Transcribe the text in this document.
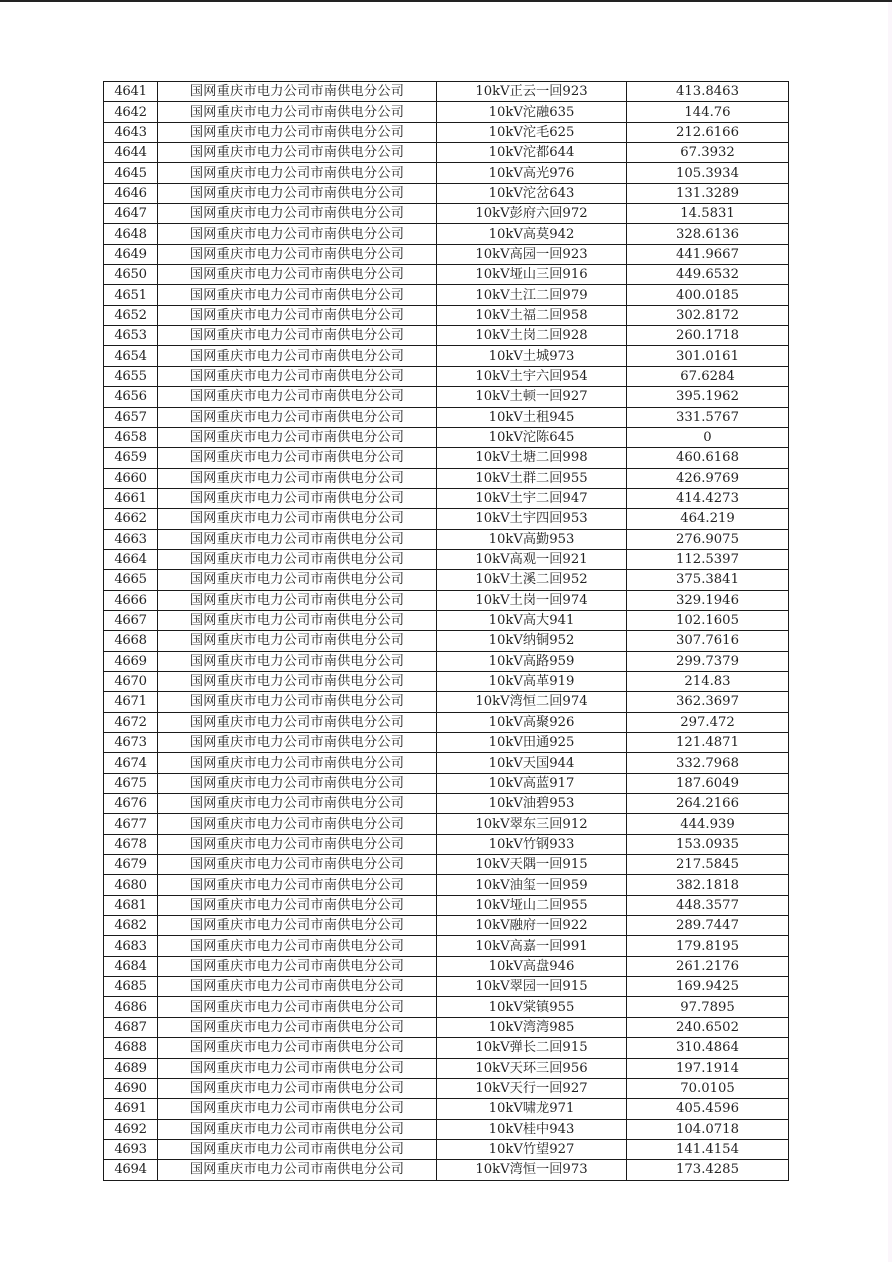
4641	国网重庆市电力公司市南供电分公司	10kV正云一回923	413.8463
4642	国网重庆市电力公司市南供电分公司	10kV沱融635	144.76
4643	国网重庆市电力公司市南供电分公司	10kV沱毛625	212.6166
4644	国网重庆市电力公司市南供电分公司	10kV沱都644	67.3932
4645	国网重庆市电力公司市南供电分公司	10kV高光976	105.3934
4646	国网重庆市电力公司市南供电分公司	10kV沱岔643	131.3289
4647	国网重庆市电力公司市南供电分公司	10kV彭府六回972	14.5831
4648	国网重庆市电力公司市南供电分公司	10kV高莫942	328.6136
4649	国网重庆市电力公司市南供电分公司	10kV高园一回923	441.9667
4650	国网重庆市电力公司市南供电分公司	10kV垭山三回916	449.6532
4651	国网重庆市电力公司市南供电分公司	10kV土江二回979	400.0185
4652	国网重庆市电力公司市南供电分公司	10kV土福二回958	302.8172
4653	国网重庆市电力公司市南供电分公司	10kV土岗二回928	260.1718
4654	国网重庆市电力公司市南供电分公司	10kV土城973	301.0161
4655	国网重庆市电力公司市南供电分公司	10kV土宇六回954	67.6284
4656	国网重庆市电力公司市南供电分公司	10kV土顿一回927	395.1962
4657	国网重庆市电力公司市南供电分公司	10kV土租945	331.5767
4658	国网重庆市电力公司市南供电分公司	10kV沱陈645	0
4659	国网重庆市电力公司市南供电分公司	10kV土塘二回998	460.6168
4660	国网重庆市电力公司市南供电分公司	10kV土群二回955	426.9769
4661	国网重庆市电力公司市南供电分公司	10kV土宇二回947	414.4273
4662	国网重庆市电力公司市南供电分公司	10kV土宇四回953	464.219
4663	国网重庆市电力公司市南供电分公司	10kV高勤953	276.9075
4664	国网重庆市电力公司市南供电分公司	10kV高观一回921	112.5397
4665	国网重庆市电力公司市南供电分公司	10kV土溪二回952	375.3841
4666	国网重庆市电力公司市南供电分公司	10kV土岗一回974	329.1946
4667	国网重庆市电力公司市南供电分公司	10kV高大941	102.1605
4668	国网重庆市电力公司市南供电分公司	10kV纳铜952	307.7616
4669	国网重庆市电力公司市南供电分公司	10kV高路959	299.7379
4670	国网重庆市电力公司市南供电分公司	10kV高革919	214.83
4671	国网重庆市电力公司市南供电分公司	10kV湾恒二回974	362.3697
4672	国网重庆市电力公司市南供电分公司	10kV高聚926	297.472
4673	国网重庆市电力公司市南供电分公司	10kV田通925	121.4871
4674	国网重庆市电力公司市南供电分公司	10kV天国944	332.7968
4675	国网重庆市电力公司市南供电分公司	10kV高蓝917	187.6049
4676	国网重庆市电力公司市南供电分公司	10kV油碧953	264.2166
4677	国网重庆市电力公司市南供电分公司	10kV翠东三回912	444.939
4678	国网重庆市电力公司市南供电分公司	10kV竹钢933	153.0935
4679	国网重庆市电力公司市南供电分公司	10kV天隅一回915	217.5845
4680	国网重庆市电力公司市南供电分公司	10kV油玺一回959	382.1818
4681	国网重庆市电力公司市南供电分公司	10kV垭山二回955	448.3577
4682	国网重庆市电力公司市南供电分公司	10kV融府一回922	289.7447
4683	国网重庆市电力公司市南供电分公司	10kV高嘉一回991	179.8195
4684	国网重庆市电力公司市南供电分公司	10kV高盘946	261.2176
4685	国网重庆市电力公司市南供电分公司	10kV翠园一回915	169.9425
4686	国网重庆市电力公司市南供电分公司	10kV棠镇955	97.7895
4687	国网重庆市电力公司市南供电分公司	10kV湾湾985	240.6502
4688	国网重庆市电力公司市南供电分公司	10kV弹长二回915	310.4864
4689	国网重庆市电力公司市南供电分公司	10kV天环三回956	197.1914
4690	国网重庆市电力公司市南供电分公司	10kV天行一回927	70.0105
4691	国网重庆市电力公司市南供电分公司	10kV啸龙971	405.4596
4692	国网重庆市电力公司市南供电分公司	10kV桂中943	104.0718
4693	国网重庆市电力公司市南供电分公司	10kV竹望927	141.4154
4694	国网重庆市电力公司市南供电分公司	10kV湾恒一回973	173.4285
